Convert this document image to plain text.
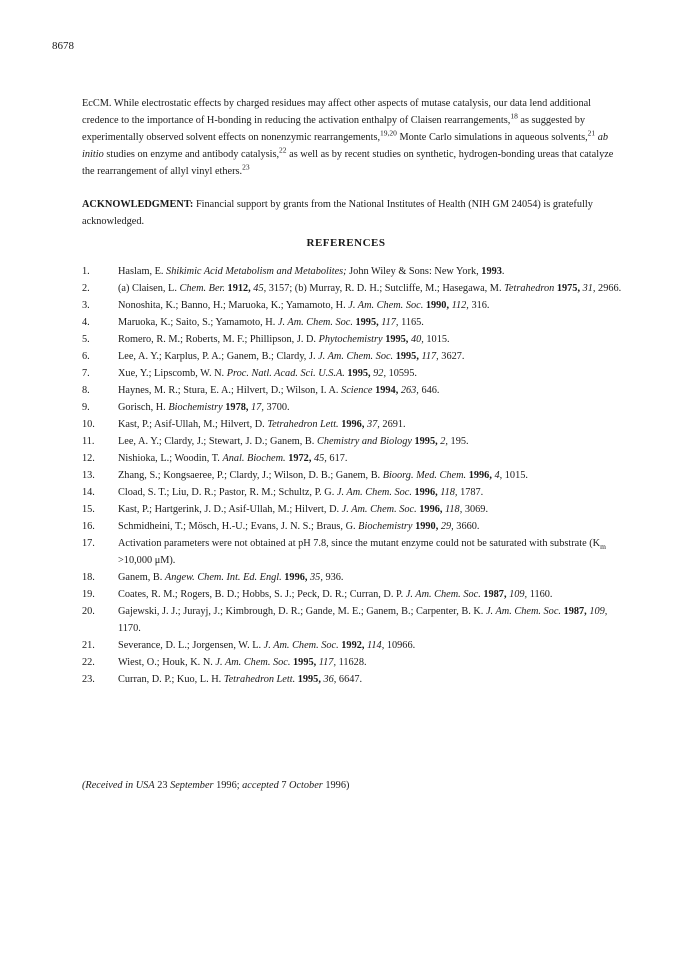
8678

EcCM. While electrostatic effects by charged residues may affect other aspects of mutase catalysis, our data lend additional credence to the importance of H-bonding in reducing the activation enthalpy of Claisen rearrangements,$^{18}$ as suggested by experimentally observed solvent effects on nonenzymic rearrangements,$^{19,20}$ Monte Carlo simulations in aqueous solvents,$^{21}$ ab initio studies on enzyme and antibody catalysis,$^{22}$ as well as by recent studies on synthetic, hydrogen-bonding ureas that catalyze the rearrangement of allyl vinyl ethers.$^{23}$

ACKNOWLEDGMENT: Financial support by grants from the National Institutes of Health (NIH GM 24054) is gratefully acknowledged.

REFERENCES
1.	Haslam, E. Shikimic Acid Metabolism and Metabolites; John Wiley & Sons: New York, 1993.
2.	(a) Claisen, L. Chem. Ber. 1912, 45, 3157; (b) Murray, R. D. H.; Sutcliffe, M.; Hasegawa, M. Tetrahedron 1975, 31, 2966.
3.	Nonoshita, K.; Banno, H.; Maruoka, K.; Yamamoto, H. J. Am. Chem. Soc. 1990, 112, 316.
4.	Maruoka, K.; Saito, S.; Yamamoto, H. J. Am. Chem. Soc. 1995, 117, 1165.
5.	Romero, R. M.; Roberts, M. F.; Phillipson, J. D. Phytochemistry 1995, 40, 1015.
6.	Lee, A. Y.; Karplus, P. A.; Ganem, B.; Clardy, J. J. Am. Chem. Soc. 1995, 117, 3627.
7.	Xue, Y.; Lipscomb, W. N. Proc. Natl. Acad. Sci. U.S.A. 1995, 92, 10595.
8.	Haynes, M. R.; Stura, E. A.; Hilvert, D.; Wilson, I. A. Science 1994, 263, 646.
9.	Gorisch, H. Biochemistry 1978, 17, 3700.
10.	Kast, P.; Asif-Ullah, M.; Hilvert, D. Tetrahedron Lett. 1996, 37, 2691.
11.	Lee, A. Y.; Clardy, J.; Stewart, J. D.; Ganem, B. Chemistry and Biology 1995, 2, 195.
12.	Nishioka, L.; Woodin, T. Anal. Biochem. 1972, 45, 617.
13.	Zhang, S.; Kongsaeree, P.; Clardy, J.; Wilson, D. B.; Ganem, B. Bioorg. Med. Chem. 1996, 4, 1015.
14.	Cload, S. T.; Liu, D. R.; Pastor, R. M.; Schultz, P. G. J. Am. Chem. Soc. 1996, 118, 1787.
15.	Kast, P.; Hartgerink, J. D.; Asif-Ullah, M.; Hilvert, D. J. Am. Chem. Soc. 1996, 118, 3069.
16.	Schmidheini, T.; Mösch, H.-U.; Evans, J. N. S.; Braus, G. Biochemistry 1990, 29, 3660.
17.	Activation parameters were not obtained at pH 7.8, since the mutant enzyme could not be saturated with substrate ($K_m >10,000$ μM).
18.	Ganem, B. Angew. Chem. Int. Ed. Engl. 1996, 35, 936.
19.	Coates, R. M.; Rogers, B. D.; Hobbs, S. J.; Peck, D. R.; Curran, D. P. J. Am. Chem. Soc. 1987, 109, 1160.
20.	Gajewski, J. J.; Jurayj, J.; Kimbrough, D. R.; Gande, M. E.; Ganem, B.; Carpenter, B. K. J. Am. Chem. Soc. 1987, 109, 1170.
21.	Severance, D. L.; Jorgensen, W. L. J. Am. Chem. Soc. 1992, 114, 10966.
22.	Wiest, O.; Houk, K. N. J. Am. Chem. Soc. 1995, 117, 11628.
23.	Curran, D. P.; Kuo, L. H. Tetrahedron Lett. 1995, 36, 6647.
(Received in USA 23 September 1996; accepted 7 October 1996)
